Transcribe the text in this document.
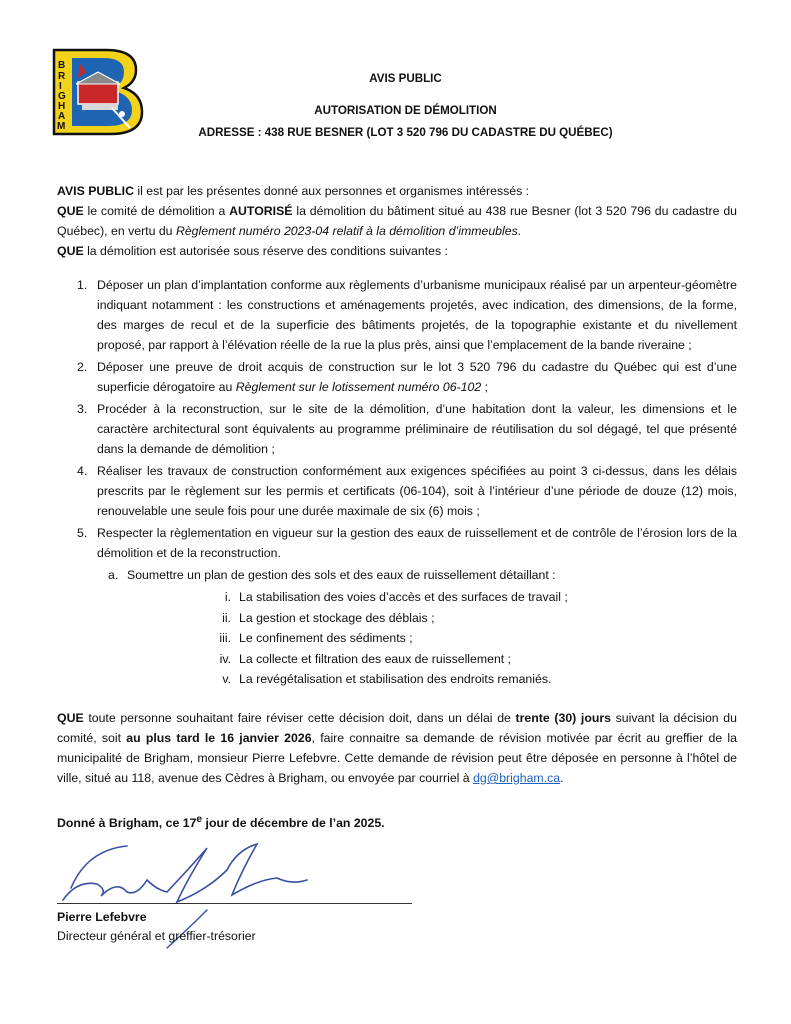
B
R
I
G
H
A
M
AVIS PUBLIC
AUTORISATION DE DÉMOLITION
ADRESSE : 438 RUE BESNER (LOT 3 520 796 DU CADASTRE DU QUÉBEC)

AVIS PUBLIC il est par les présentes donné aux personnes et organismes intéressés :

QUE le comité de démolition a AUTORISÉ la démolition du bâtiment situé au 438 rue Besner (lot 3 520 796 du cadastre du Québec), en vertu du Règlement numéro 2023-04 relatif à la démolition d’immeubles.

QUE la démolition est autorisée sous réserve des conditions suivantes :

1. Déposer un plan d’implantation conforme aux règlements d’urbanisme municipaux réalisé par un arpenteur-géomètre indiquant notamment : les constructions et aménagements projetés, avec indication, des dimensions, de la forme, des marges de recul et de la superficie des bâtiments projetés, de la topographie existante et du nivellement proposé, par rapport à l’élévation réelle de la rue la plus près, ainsi que l’emplacement de la bande riveraine ;
2. Déposer une preuve de droit acquis de construction sur le lot 3 520 796 du cadastre du Québec qui est d’une superficie dérogatoire au Règlement sur le lotissement numéro 06-102 ;
3. Procéder à la reconstruction, sur le site de la démolition, d’une habitation dont la valeur, les dimensions et le caractère architectural sont équivalents au programme préliminaire de réutilisation du sol dégagé, tel que présenté dans la demande de démolition ;
4. Réaliser les travaux de construction conformément aux exigences spécifiées au point 3 ci-dessus, dans les délais prescrits par le règlement sur les permis et certificats (06-104), soit à l’intérieur d’une période de douze (12) mois, renouvelable une seule fois pour une durée maximale de six (6) mois ;
5. Respecter la règlementation en vigueur sur la gestion des eaux de ruissellement et de contrôle de l’érosion lors de la démolition et de la reconstruction.
a. Soumettre un plan de gestion des sols et des eaux de ruissellement détaillant :
i. La stabilisation des voies d’accès et des surfaces de travail ;
ii. La gestion et stockage des déblais ;
iii. Le confinement des sédiments ;
iv. La collecte et filtration des eaux de ruissellement ;
v. La revégétalisation et stabilisation des endroits remaniés.

QUE toute personne souhaitant faire réviser cette décision doit, dans un délai de trente (30) jours suivant la décision du comité, soit au plus tard le 16 janvier 2026, faire connaitre sa demande de révision motivée par écrit au greffier de la municipalité de Brigham, monsieur Pierre Lefebvre. Cette demande de révision peut être déposée en personne à l’hôtel de ville, situé au 118, avenue des Cèdres à Brigham, ou envoyée par courriel à dg@brigham.ca.

Donné à Brigham, ce 17e jour de décembre de l’an 2025.

Pierre Lefebvre
Directeur général et greffier-trésorier
